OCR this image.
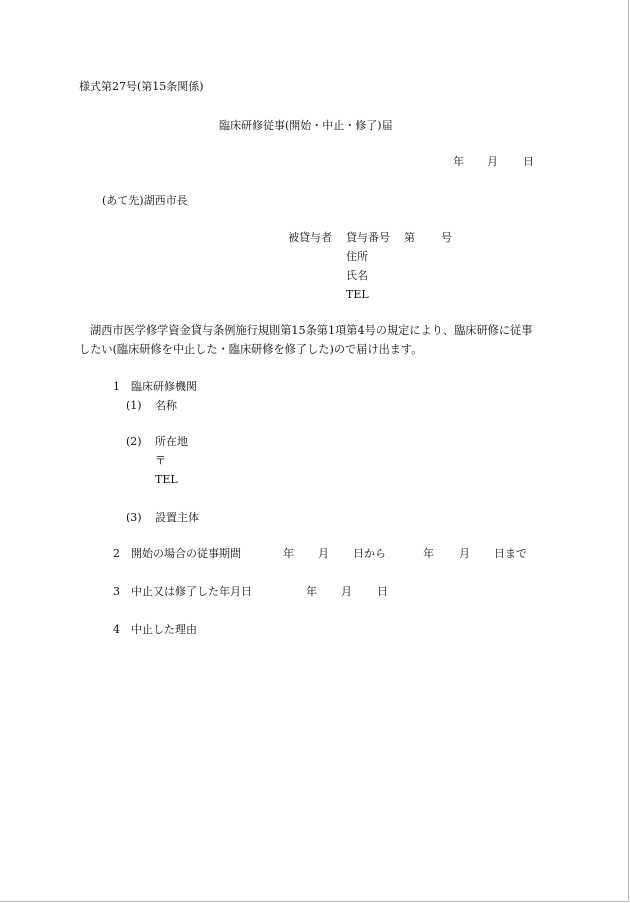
様式第27号(第15条関係)
臨床研修従事(開始・中止・修了)届
年 月 日
(あて先)湖西市長
被貸与者 貸与番号 第 号
住所
氏名
TEL
湖西市医学修学資金貸与条例施行規則第15条第1項第4号の規定により、臨床研修に従事
したい(臨床研修を中止した・臨床研修を修了した)ので届け出ます。
1 臨床研修機関
(1) 名称
(2) 所在地
〒
TEL
(3) 設置主体
2 開始の場合の従事期間	年 月 日から	年 月 日まで
3 中止又は修了した年月日	年 月 日
4 中止した理由
